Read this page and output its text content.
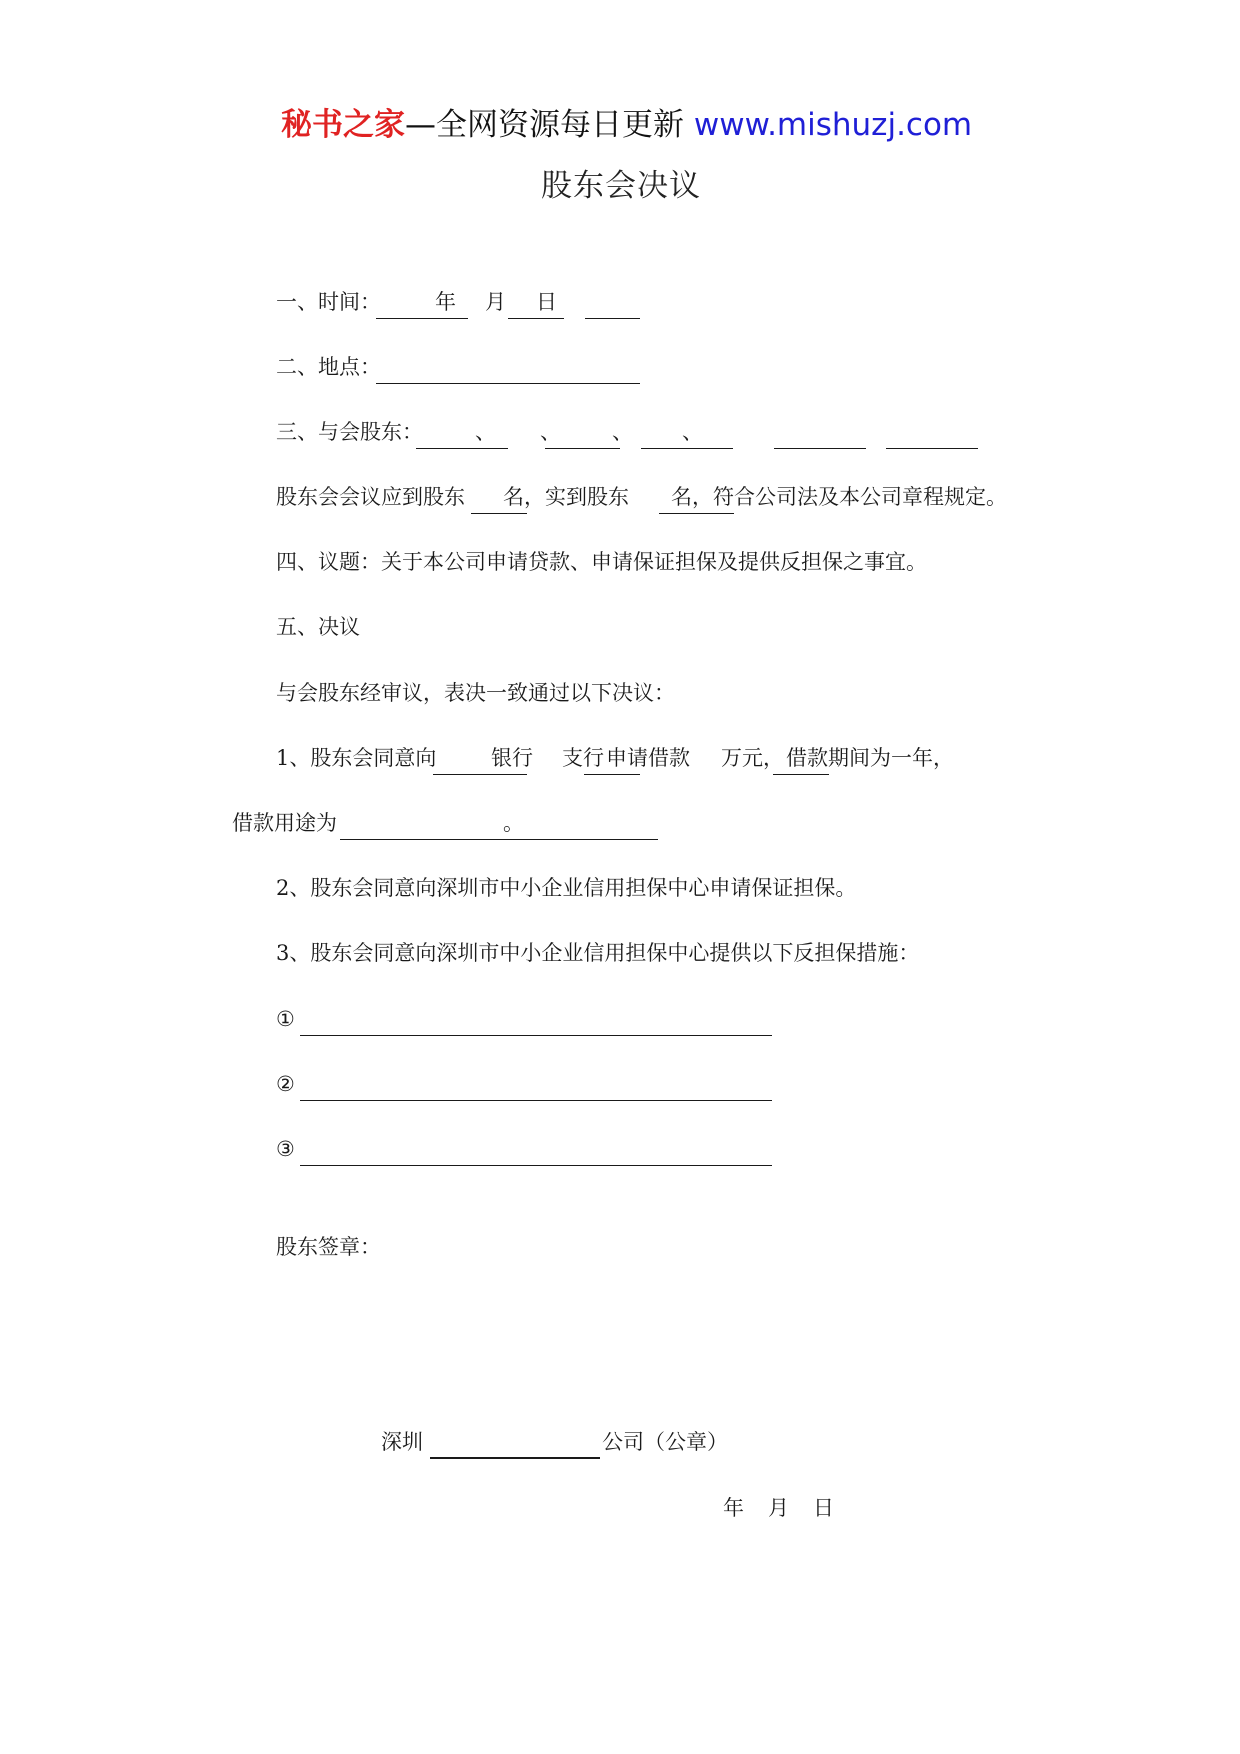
秘书之家—全网资源每日更新 www.mishuzj.com
股东会决议
一、时间：	年 月 日
二、地点：
三、与会股东： 、 、 、 、
股东会会议应到股东 名，实到股东 名，符合公司法及本公司章程规定。
四、议题：关于本公司申请贷款、申请保证担保及提供反担保之事宜。
五、决议
与会股东经审议，表决一致通过以下决议：
1、股东会同意向	银行 支行 申请借款 万元， 借款期间为一年，
借款用途为	。
2、股东会同意向深圳市中小企业信用担保中心申请保证担保。
3、股东会同意向深圳市中小企业信用担保中心提供以下反担保措施：
①
②
③
股东签章：
深圳	公司（公章）
年 月 日
